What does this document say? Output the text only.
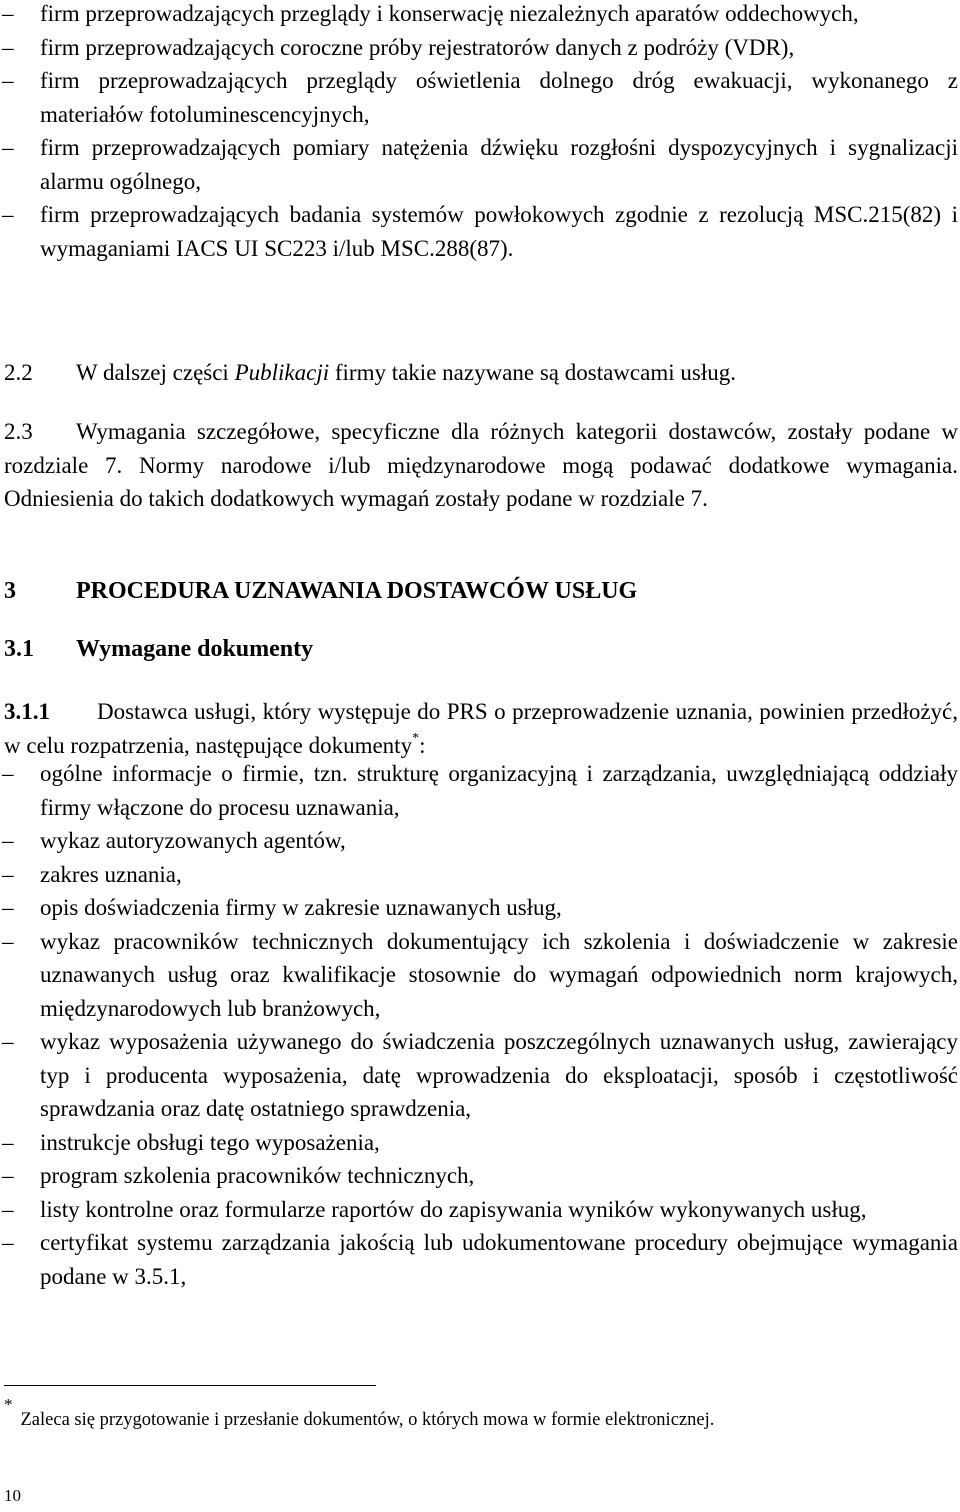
– firm przeprowadzających przeglądy i konserwację niezależnych aparatów oddechowych,
– firm przeprowadzających coroczne próby rejestratorów danych z podróży (VDR),
– firm przeprowadzających przeglądy oświetlenia dolnego dróg ewakuacji, wykonanego z materiałów fotoluminescencyjnych,
– firm przeprowadzających pomiary natężenia dźwięku rozgłośni dyspozycyjnych i sygnalizacji alarmu ogólnego,
– firm przeprowadzających badania systemów powłokowych zgodnie z rezolucją MSC.215(82) i wymaganiami IACS UI SC223 i/lub MSC.288(87).

2.2 W dalszej części Publikacji firmy takie nazywane są dostawcami usług.

2.3 Wymagania szczegółowe, specyficzne dla różnych kategorii dostawców, zostały podane w rozdziale 7. Normy narodowe i/lub międzynarodowe mogą podawać dodatkowe wymagania. Odniesienia do takich dodatkowych wymagań zostały podane w rozdziale 7.

3	PROCEDURA UZNAWANIA DOSTAWCÓW USŁUG
3.1 Wymagane dokumenty

3.1.1 Dostawca usługi, który występuje do PRS o przeprowadzenie uznania, powinien przedłożyć, w celu rozpatrzenia, następujące dokumenty*:

– ogólne informacje o firmie, tzn. strukturę organizacyjną i zarządzania, uwzględniającą oddziały firmy włączone do procesu uznawania,
– wykaz autoryzowanych agentów,
– zakres uznania,
– opis doświadczenia firmy w zakresie uznawanych usług,
– wykaz pracowników technicznych dokumentujący ich szkolenia i doświadczenie w zakresie uznawanych usług oraz kwalifikacje stosownie do wymagań odpowiednich norm krajowych, międzynarodowych lub branżowych,
– wykaz wyposażenia używanego do świadczenia poszczególnych uznawanych usług, zawierający typ i producenta wyposażenia, datę wprowadzenia do eksploatacji, sposób i częstotliwość sprawdzania oraz datę ostatniego sprawdzenia,
– instrukcje obsługi tego wyposażenia,
– program szkolenia pracowników technicznych,
– listy kontrolne oraz formularze raportów do zapisywania wyników wykonywanych usług,
– certyfikat systemu zarządzania jakością lub udokumentowane procedury obejmujące wymagania podane w 3.5.1,

*Zaleca się przygotowanie i przesłanie dokumentów, o których mowa w formie elektronicznej.

10
